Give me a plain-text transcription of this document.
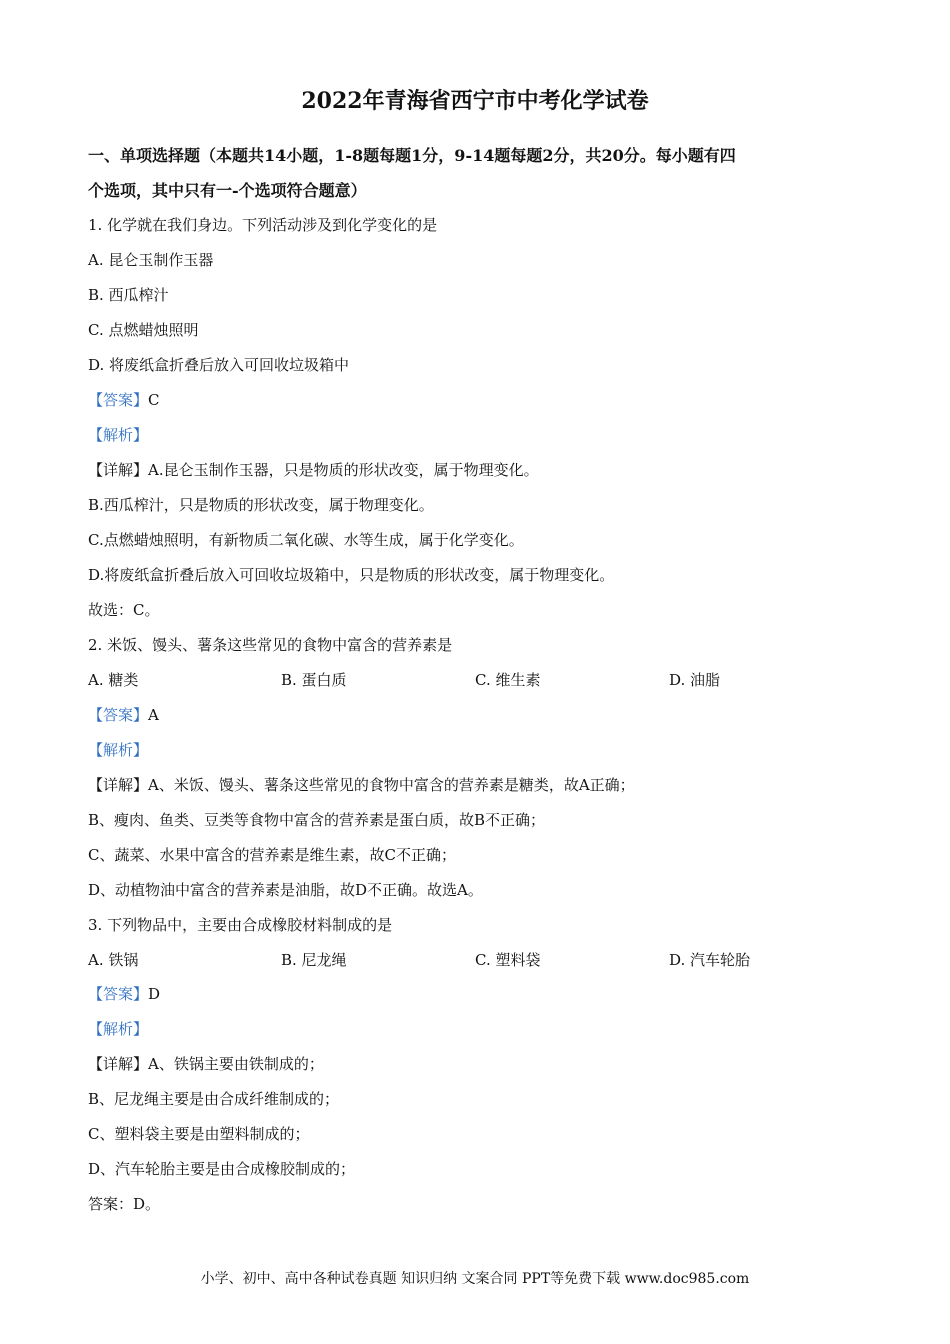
2022年青海省西宁市中考化学试卷
一、单项选择题（本题共14小题，1-8题每题1分，9-14题每题2分，共20分。每小题有四
个选项，其中只有一-个选项符合题意）
1. 化学就在我们身边。下列活动涉及到化学变化的是
A. 昆仑玉制作玉器
B. 西瓜榨汁
C. 点燃蜡烛照明
D. 将废纸盒折叠后放入可回收垃圾箱中
【答案】C
【解析】
【详解】A.昆仑玉制作玉器，只是物质的形状改变，属于物理变化。
B.西瓜榨汁，只是物质的形状改变，属于物理变化。
C.点燃蜡烛照明，有新物质二氧化碳、水等生成，属于化学变化。
D.将废纸盒折叠后放入可回收垃圾箱中，只是物质的形状改变，属于物理变化。
故选：C。
2. 米饭、馒头、薯条这些常见的食物中富含的营养素是
A. 糖类	B. 蛋白质	C. 维生素	D. 油脂
【答案】A
【解析】
【详解】A、米饭、馒头、薯条这些常见的食物中富含的营养素是糖类，故A正确；
B、瘦肉、鱼类、豆类等食物中富含的营养素是蛋白质，故B不正确；
C、蔬菜、水果中富含的营养素是维生素，故C不正确；
D、动植物油中富含的营养素是油脂，故D不正确。故选A。
3. 下列物品中，主要由合成橡胶材料制成的是
A. 铁锅	B. 尼龙绳	C. 塑料袋	D. 汽车轮胎
【答案】D
【解析】
【详解】A、铁锅主要由铁制成的；
B、尼龙绳主要是由合成纤维制成的；
C、塑料袋主要是由塑料制成的；
D、汽车轮胎主要是由合成橡胶制成的；
答案：D。
小学、初中、高中各种试卷真题 知识归纳 文案合同 PPT等免费下载 www.doc985.com
